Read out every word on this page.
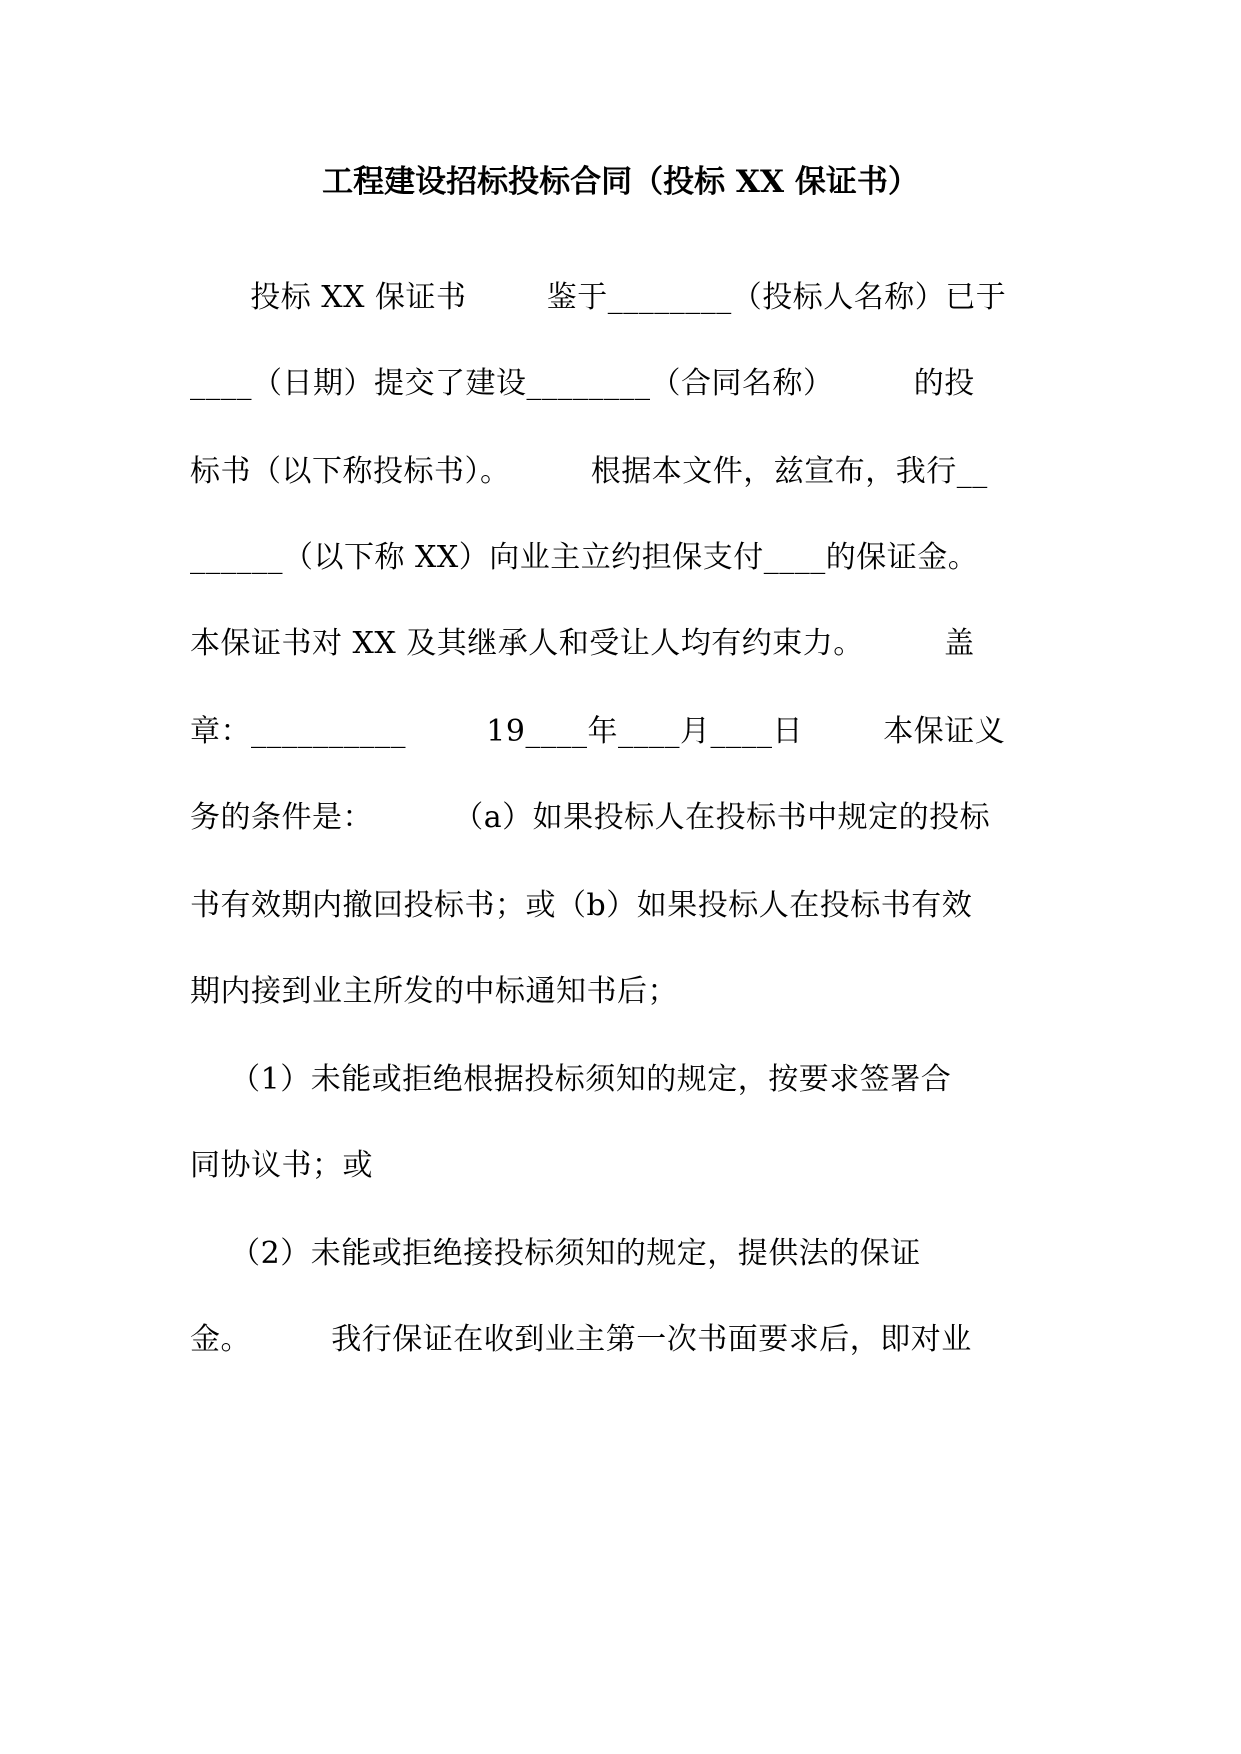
工程建设招标投标合同（投标 XX 保证书）
投标 XX 保证书        鉴于________（投标人名称）已于
____（日期）提交了建设________（合同名称）        的投
标书（以下称投标书）。        根据本文件，兹宣布，我行__
______（以下称 XX）向业主立约担保支付____的保证金。
本保证书对 XX 及其继承人和受让人均有约束力。        盖
章：__________        19____年____月____日        本保证义
务的条件是：        （a）如果投标人在投标书中规定的投标
书有效期内撤回投标书；或（b）如果投标人在投标书有效
期内接到业主所发的中标通知书后；
（1）未能或拒绝根据投标须知的规定，按要求签署合
同协议书；或
（2）未能或拒绝接投标须知的规定，提供法的保证
金。        我行保证在收到业主第一次书面要求后，即对业
